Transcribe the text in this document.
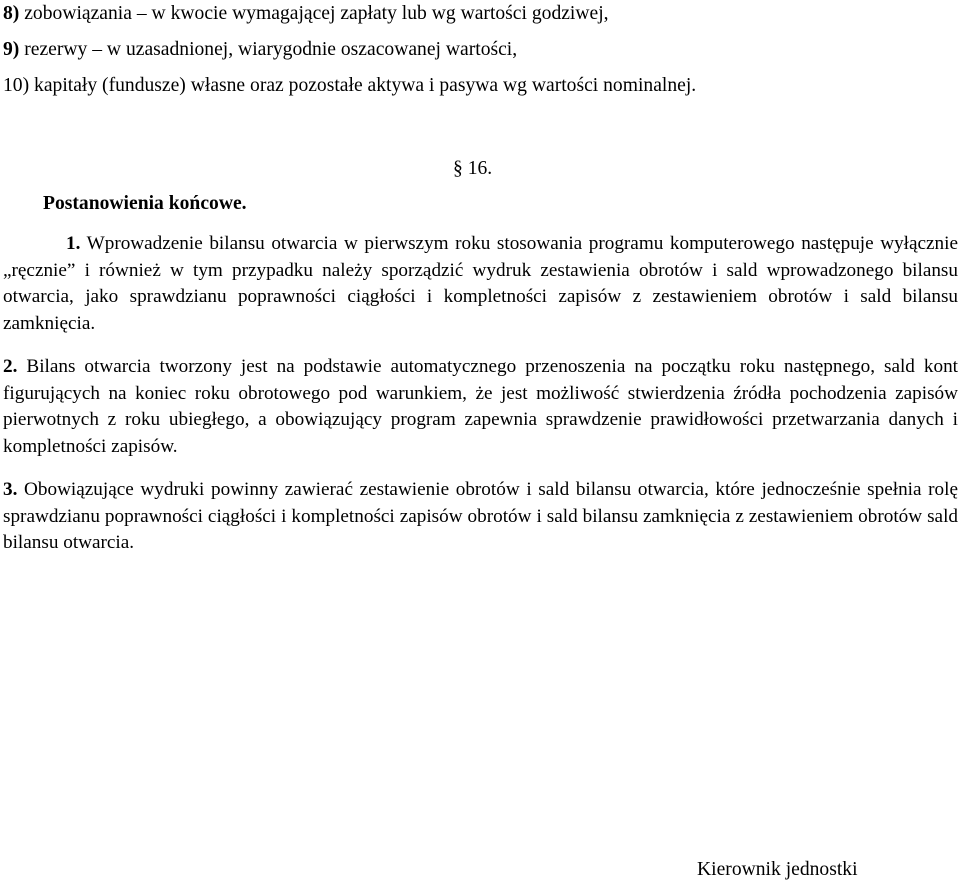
8) zobowiązania – w kwocie wymagającej zapłaty lub wg wartości godziwej,
9) rezerwy – w uzasadnionej, wiarygodnie oszacowanej wartości,
10) kapitały (fundusze) własne oraz pozostałe aktywa i pasywa wg wartości nominalnej.
§ 16.
Postanowienia końcowe.
1. Wprowadzenie bilansu otwarcia w pierwszym roku stosowania programu komputerowego następuje wyłącznie „ręcznie” i również w tym przypadku należy sporządzić wydruk zestawienia obrotów i sald wprowadzonego bilansu otwarcia, jako sprawdzianu poprawności ciągłości i kompletności zapisów z zestawieniem obrotów i sald bilansu zamknięcia.
2. Bilans otwarcia tworzony jest na podstawie automatycznego przenoszenia na początku roku następnego, sald kont figurujących na koniec roku obrotowego pod warunkiem, że jest możliwość stwierdzenia źródła pochodzenia zapisów pierwotnych z roku ubiegłego, a obowiązujący program zapewnia sprawdzenie prawidłowości przetwarzania danych i kompletności zapisów.
3. Obowiązujące wydruki powinny zawierać zestawienie obrotów i sald bilansu otwarcia, które jednocześnie spełnia rolę sprawdzianu poprawności ciągłości i kompletności zapisów obrotów i sald bilansu zamknięcia z zestawieniem obrotów sald bilansu otwarcia.
Kierownik jednostki
